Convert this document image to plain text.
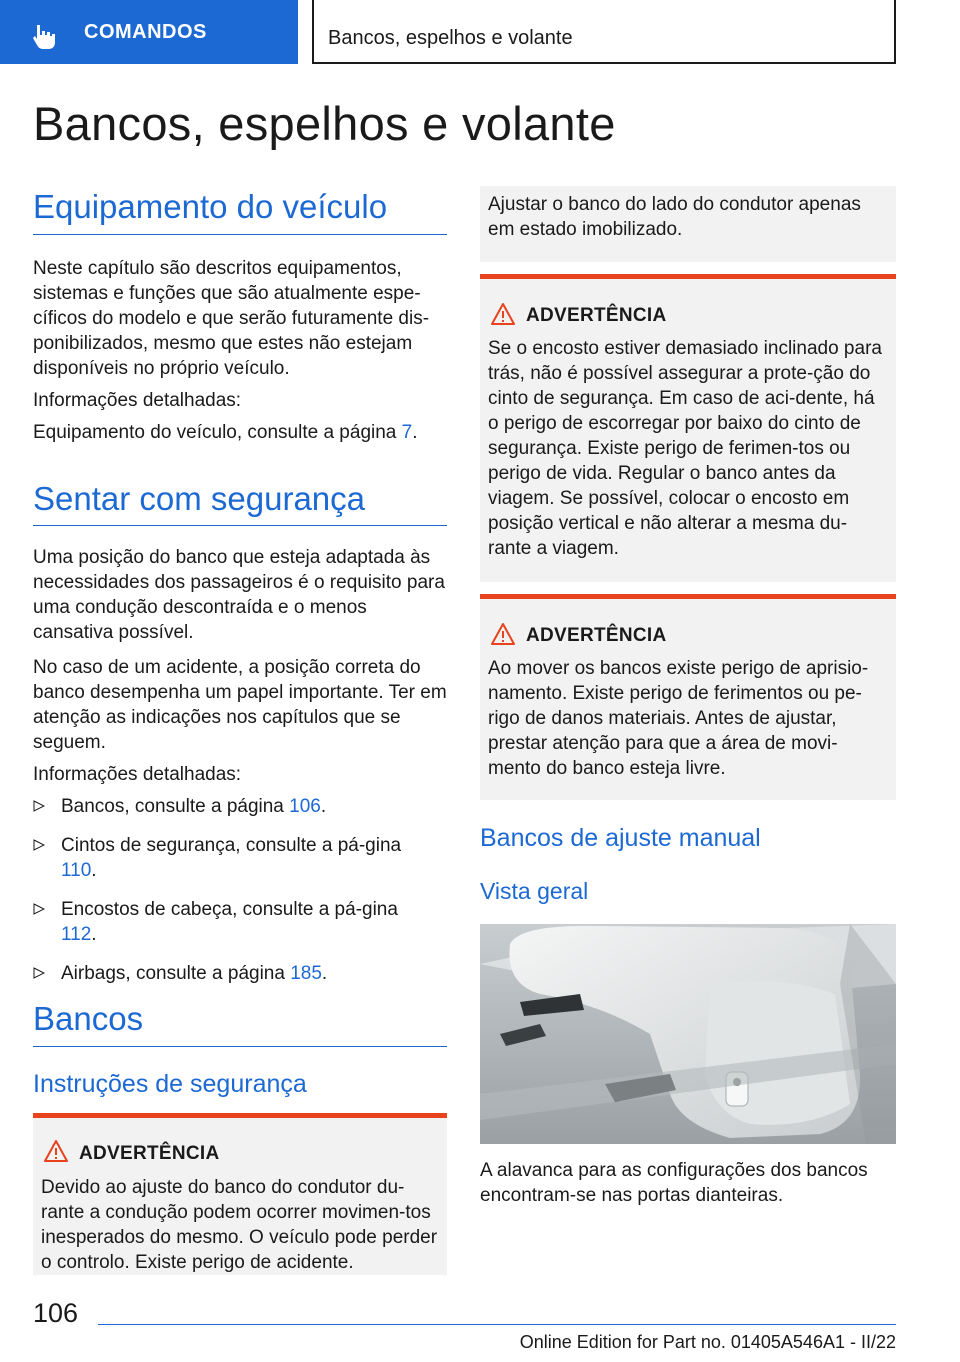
COMANDOS	Bancos, espelhos e volante
Bancos, espelhos e volante
Equipamento do veículo

Neste capítulo são descritos equipamentos, sistemas e funções que são atualmente espe-cíficos do modelo e que serão futuramente dis-ponibilizados, mesmo que estes não estejam disponíveis no próprio veículo.

Informações detalhadas:

Equipamento do veículo, consulte a página 7.

Sentar com segurança

Uma posição do banco que esteja adaptada às necessidades dos passageiros é o requisito para uma condução descontraída e o menos cansativa possível.

No caso de um acidente, a posição correta do banco desempenha um papel importante. Ter em atenção as indicações nos capítulos que se seguem.

Informações detalhadas:

Bancos, consulte a página 106.
Cintos de segurança, consulte a pá-gina 110.
Encostos de cabeça, consulte a pá-gina 112.
Airbags, consulte a página 185.
Bancos
Instruções de segurança
ADVERTÊNCIA

Devido ao ajuste do banco do condutor du-rante a condução podem ocorrer movimen-tos inesperados do mesmo. O veículo pode perder o controlo. Existe perigo de acidente.

Ajustar o banco do lado do condutor apenas em estado imobilizado.

ADVERTÊNCIA

Se o encosto estiver demasiado inclinado para trás, não é possível assegurar a prote-ção do cinto de segurança. Em caso de aci-dente, há o perigo de escorregar por baixo do cinto de segurança. Existe perigo de ferimen-tos ou perigo de vida. Regular o banco antes da viagem. Se possível, colocar o encosto em posição vertical e não alterar a mesma du-rante a viagem.

ADVERTÊNCIA

Ao mover os bancos existe perigo de aprisio-namento. Existe perigo de ferimentos ou pe-rigo de danos materiais. Antes de ajustar, prestar atenção para que a área de movi-mento do banco esteja livre.

Bancos de ajuste manual
Vista geral

A alavanca para as configurações dos bancos encontram-se nas portas dianteiras.

106
Online Edition for Part no. 01405A546A1 - II/22
